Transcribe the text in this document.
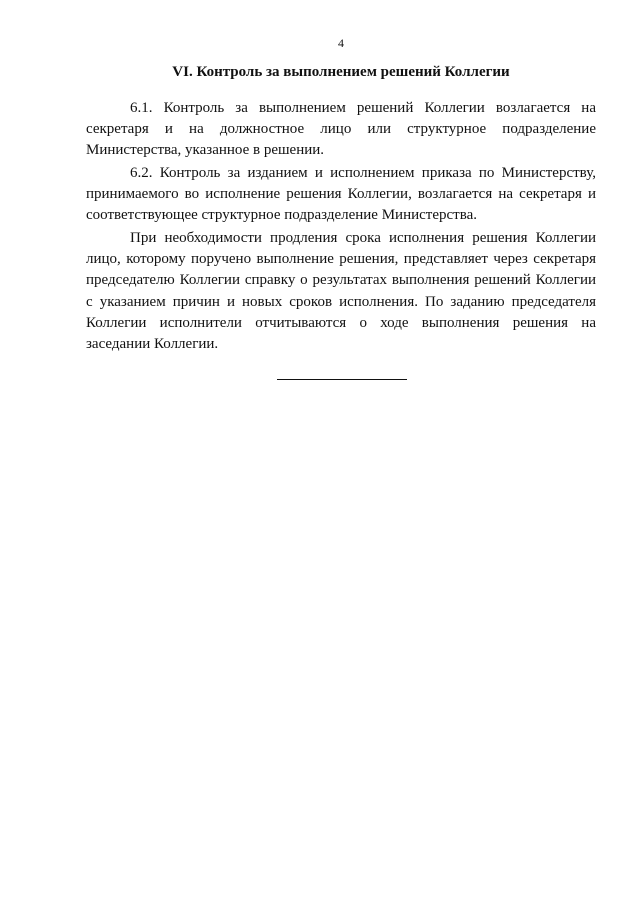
4
VI. Контроль за выполнением решений Коллегии

6.1. Контроль за выполнением решений Коллегии возлагается на секретаря и на должностное лицо или структурное подразделение Министерства, указанное в решении.

6.2. Контроль за изданием и исполнением приказа по Министерству, принимаемого во исполнение решения Коллегии, возлагается на секретаря и соответствующее структурное подразделение Министерства.

При необходимости продления срока исполнения решения Коллегии лицо, которому поручено выполнение решения, представляет через секретаря председателю Коллегии справку о результатах выполнения решений Коллегии с указанием причин и новых сроков исполнения. По заданию председателя Коллегии исполнители отчитываются о ходе выполнения решения на заседании Коллегии.
